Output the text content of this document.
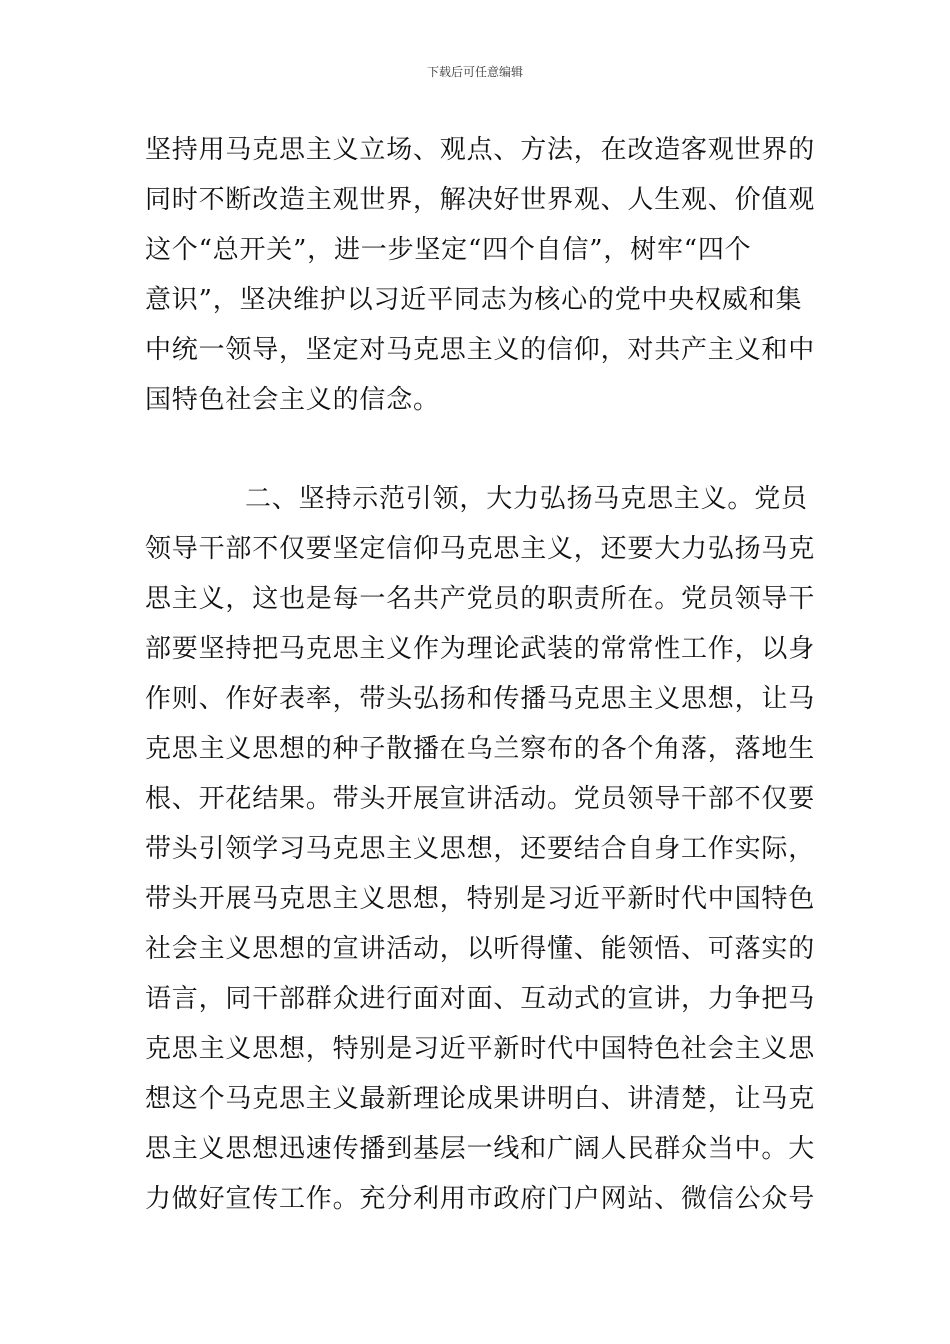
下载后可任意编辑
坚持用马克思主义立场、观点、方法，在改造客观世界的
同时不断改造主观世界，解决好世界观、人生观、价值观
这个“总开关”，进一步坚定“四个自信”，树牢“四个
意识”，坚决维护以习近平同志为核心的党中央权威和集
中统一领导，坚定对马克思主义的信仰，对共产主义和中
国特色社会主义的信念。
二、坚持示范引领，大力弘扬马克思主义。党员
领导干部不仅要坚定信仰马克思主义，还要大力弘扬马克
思主义，这也是每一名共产党员的职责所在。党员领导干
部要坚持把马克思主义作为理论武装的常常性工作，以身
作则、作好表率，带头弘扬和传播马克思主义思想，让马
克思主义思想的种子散播在乌兰察布的各个角落，落地生
根、开花结果。带头开展宣讲活动。党员领导干部不仅要
带头引领学习马克思主义思想，还要结合自身工作实际，
带头开展马克思主义思想，特别是习近平新时代中国特色
社会主义思想的宣讲活动，以听得懂、能领悟、可落实的
语言，同干部群众进行面对面、互动式的宣讲，力争把马
克思主义思想，特别是习近平新时代中国特色社会主义思
想这个马克思主义最新理论成果讲明白、讲清楚，让马克
思主义思想迅速传播到基层一线和广阔人民群众当中。大
力做好宣传工作。充分利用市政府门户网站、微信公众号
